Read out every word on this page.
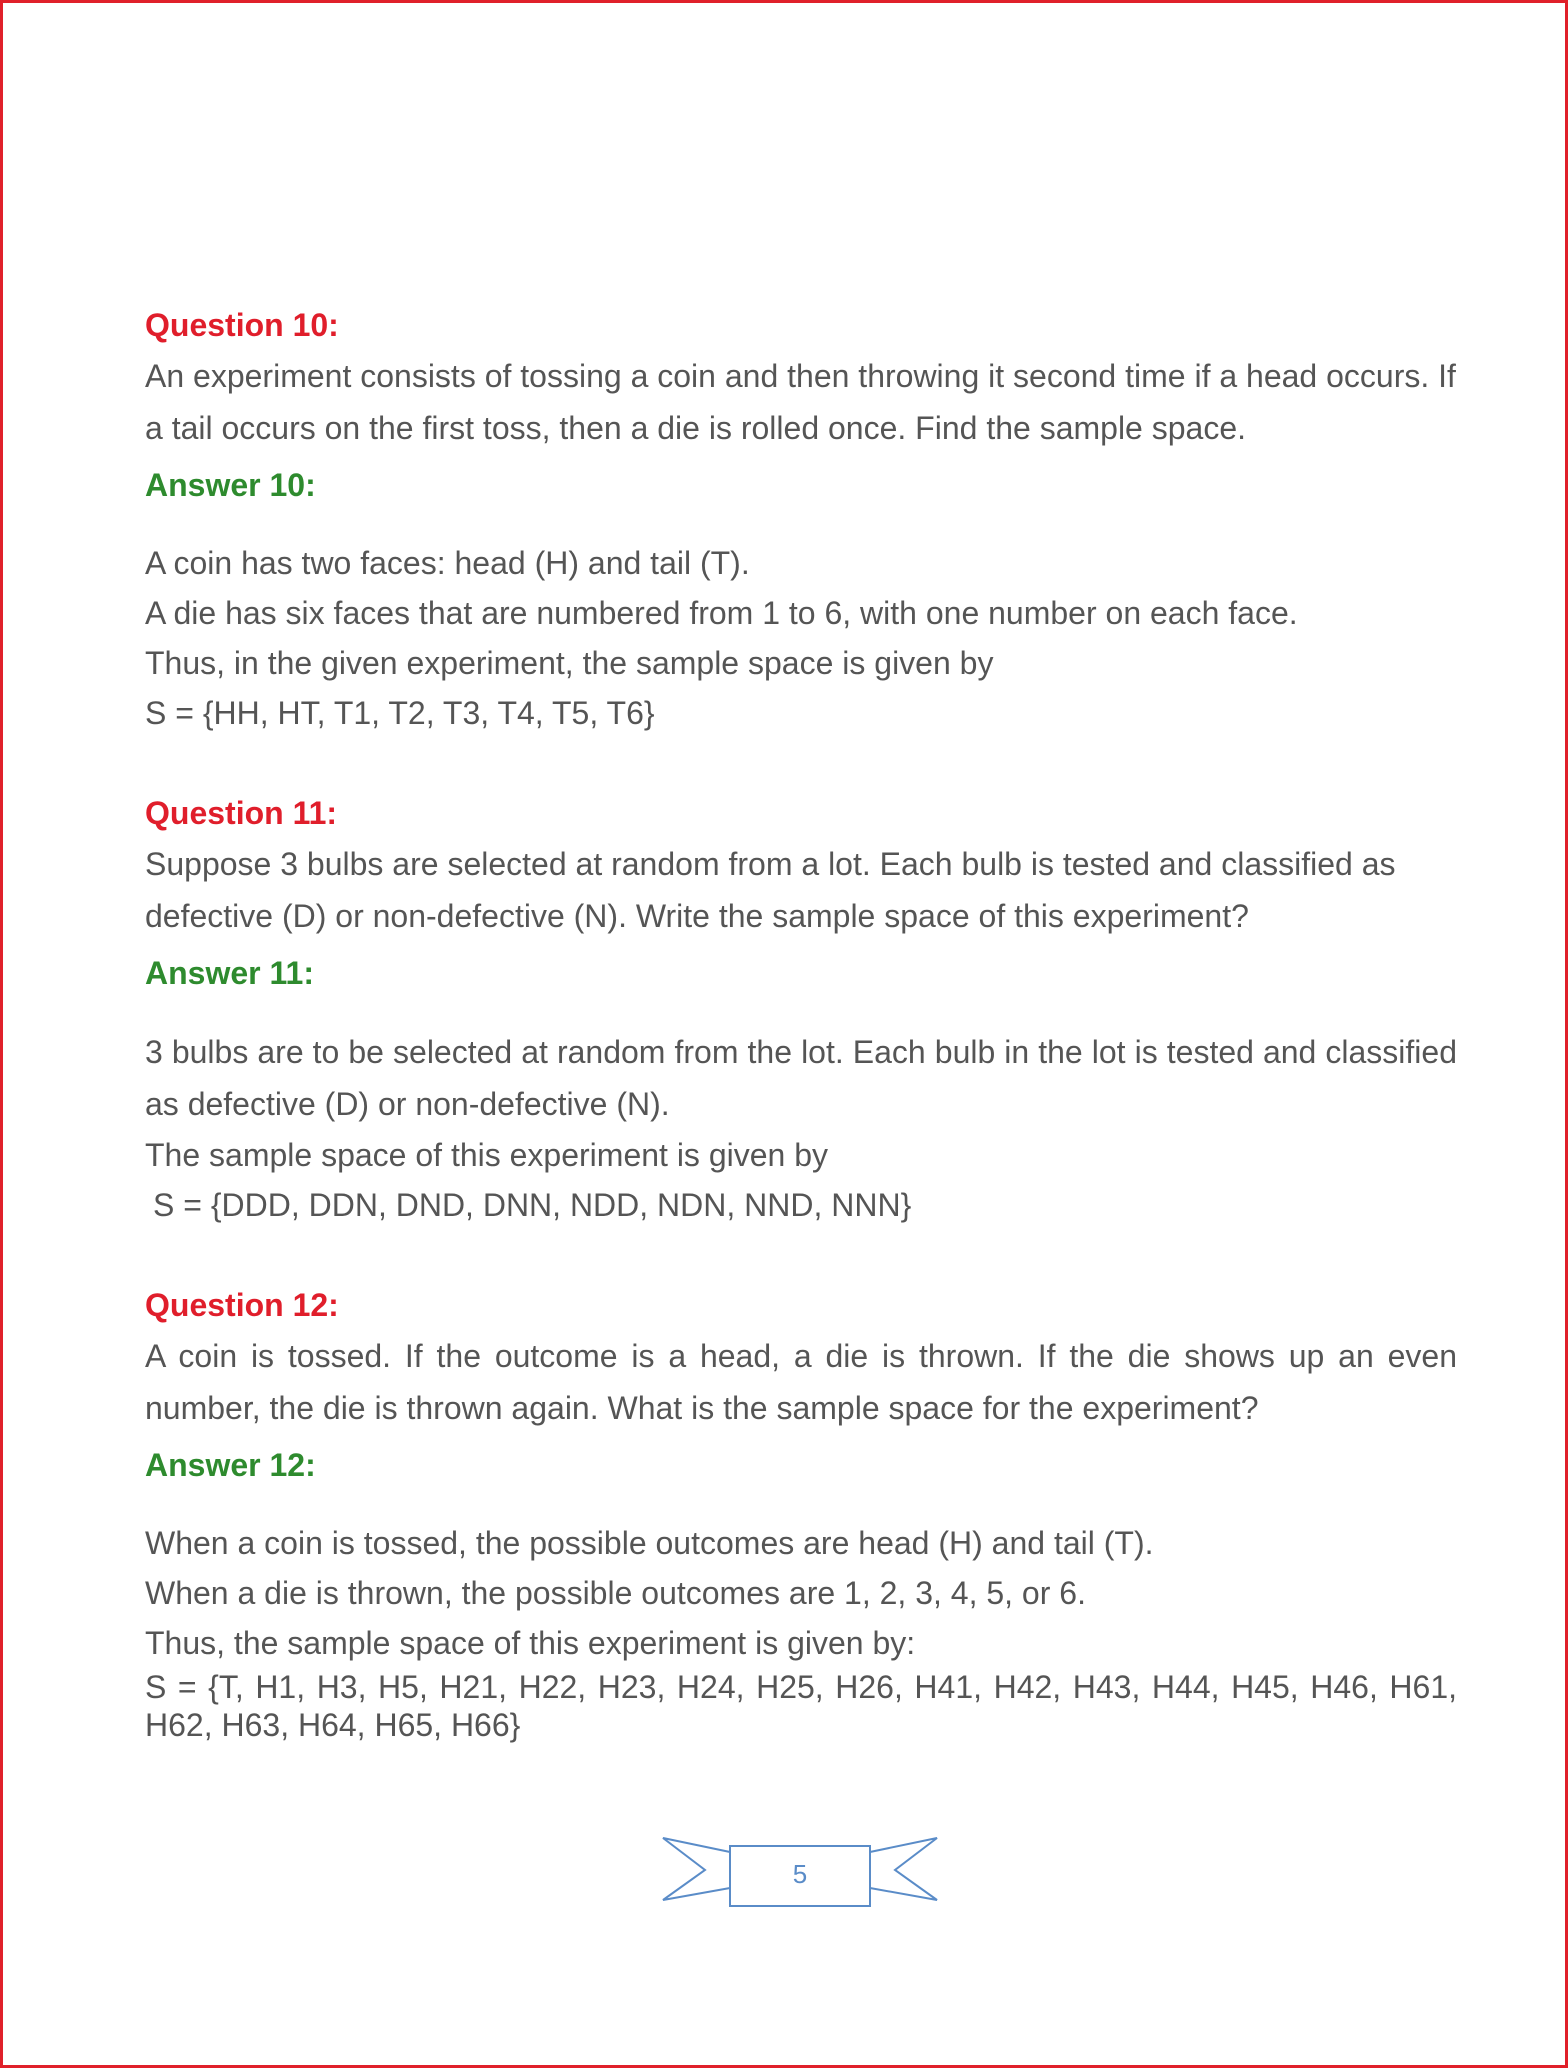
Question 10:

An experiment consists of tossing a coin and then throwing it second time if a head occurs. If a tail occurs on the first toss, then a die is rolled once. Find the sample space.

Answer 10:

A coin has two faces: head (H) and tail (T).

A die has six faces that are numbered from 1 to 6, with one number on each face.

Thus, in the given experiment, the sample space is given by

S = {HH, HT, T1, T2, T3, T4, T5, T6}

Question 11:

Suppose 3 bulbs are selected at random from a lot. Each bulb is tested and classified as defective (D) or non-defective (N). Write the sample space of this experiment?

Answer 11:

3 bulbs are to be selected at random from the lot. Each bulb in the lot is tested and classified as defective (D) or non-defective (N).

The sample space of this experiment is given by

S = {DDD, DDN, DND, DNN, NDD, NDN, NND, NNN}

Question 12:

A coin is tossed. If the outcome is a head, a die is thrown. If the die shows up an even number, the die is thrown again. What is the sample space for the experiment?

Answer 12:

When a coin is tossed, the possible outcomes are head (H) and tail (T).

When a die is thrown, the possible outcomes are 1, 2, 3, 4, 5, or 6.

Thus, the sample space of this experiment is given by:

S = {T, H1, H3, H5, H21, H22, H23, H24, H25, H26, H41, H42, H43, H44, H45, H46, H61, H62, H63, H64, H65, H66}

5
